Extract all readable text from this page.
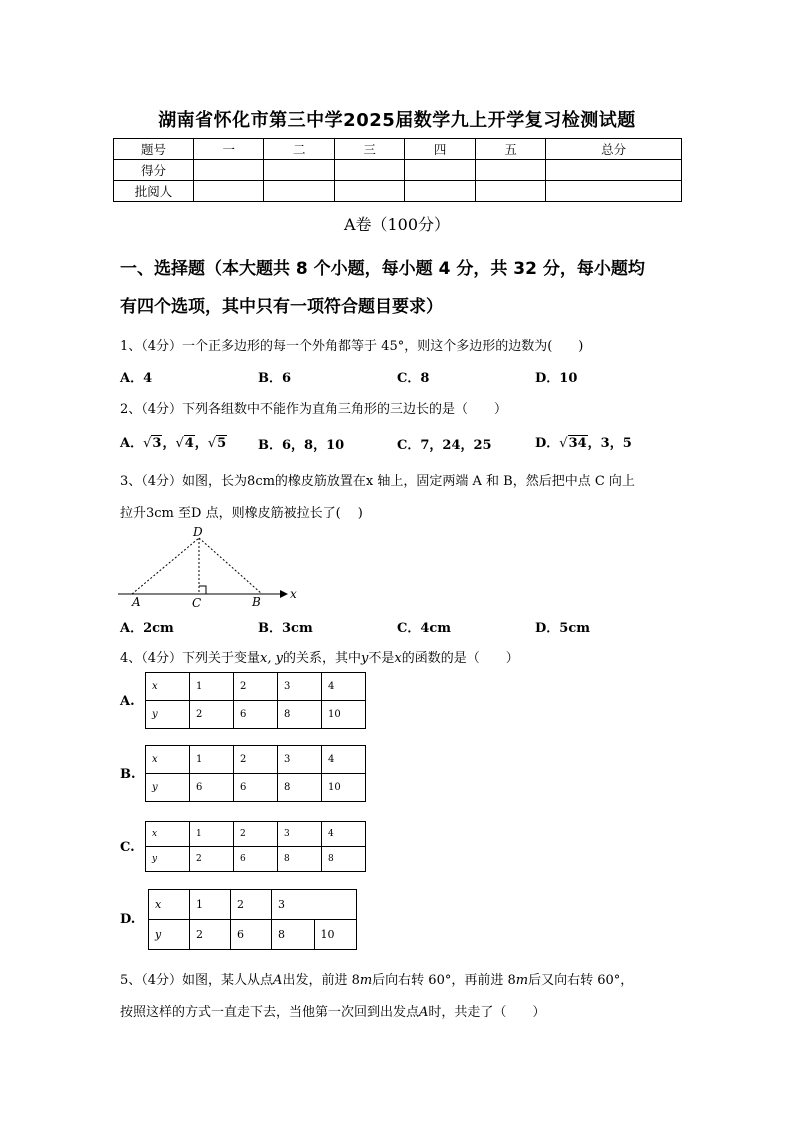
湖南省怀化市第三中学2025届数学九上开学复习检测试题
题号	一	二	三	四	五	总分
得分						
批阅人						
A卷（100分）
一、选择题（本大题共 8 个小题，每小题 4 分，共 32 分，每小题均
有四个选项，其中只有一项符合题目要求）
1、（4分）一个正多边形的每一个外角都等于 45°，则这个多边形的边数为(　　)
A．4	B．6	C．8	D．10
2、（4分）下列各组数中不能作为直角三角形的三边长的是（　　）
A．√3，√4，√5 B．6，8，10	C．7，24，25	D．√34，3，5
3、（4分）如图，长为8cm的橡皮筋放置在x 轴上，固定两端 A 和 B，然后把中点 C 向上
拉升3cm 至D 点，则橡皮筋被拉长了(　 )
D
A	C	B
x
A．2cm	B．3cm	C．4cm	D．5cm
4、（4分）下列关于变量x, y的关系，其中y不是x的函数的是（　　）
A.
x	1	2	3	4
y	2	6	8	10
B.
x	1	2	3	4
y	6	6	8	10
C.
x	1	2	3	4
y	2	6	8	8
D.
x	1	2	3	
y	2	6	8	10
5、（4分）如图，某人从点A出发，前进 8m后向右转 60°，再前进 8m后又向右转 60°，
按照这样的方式一直走下去，当他第一次回到出发点A时，共走了（　　）
